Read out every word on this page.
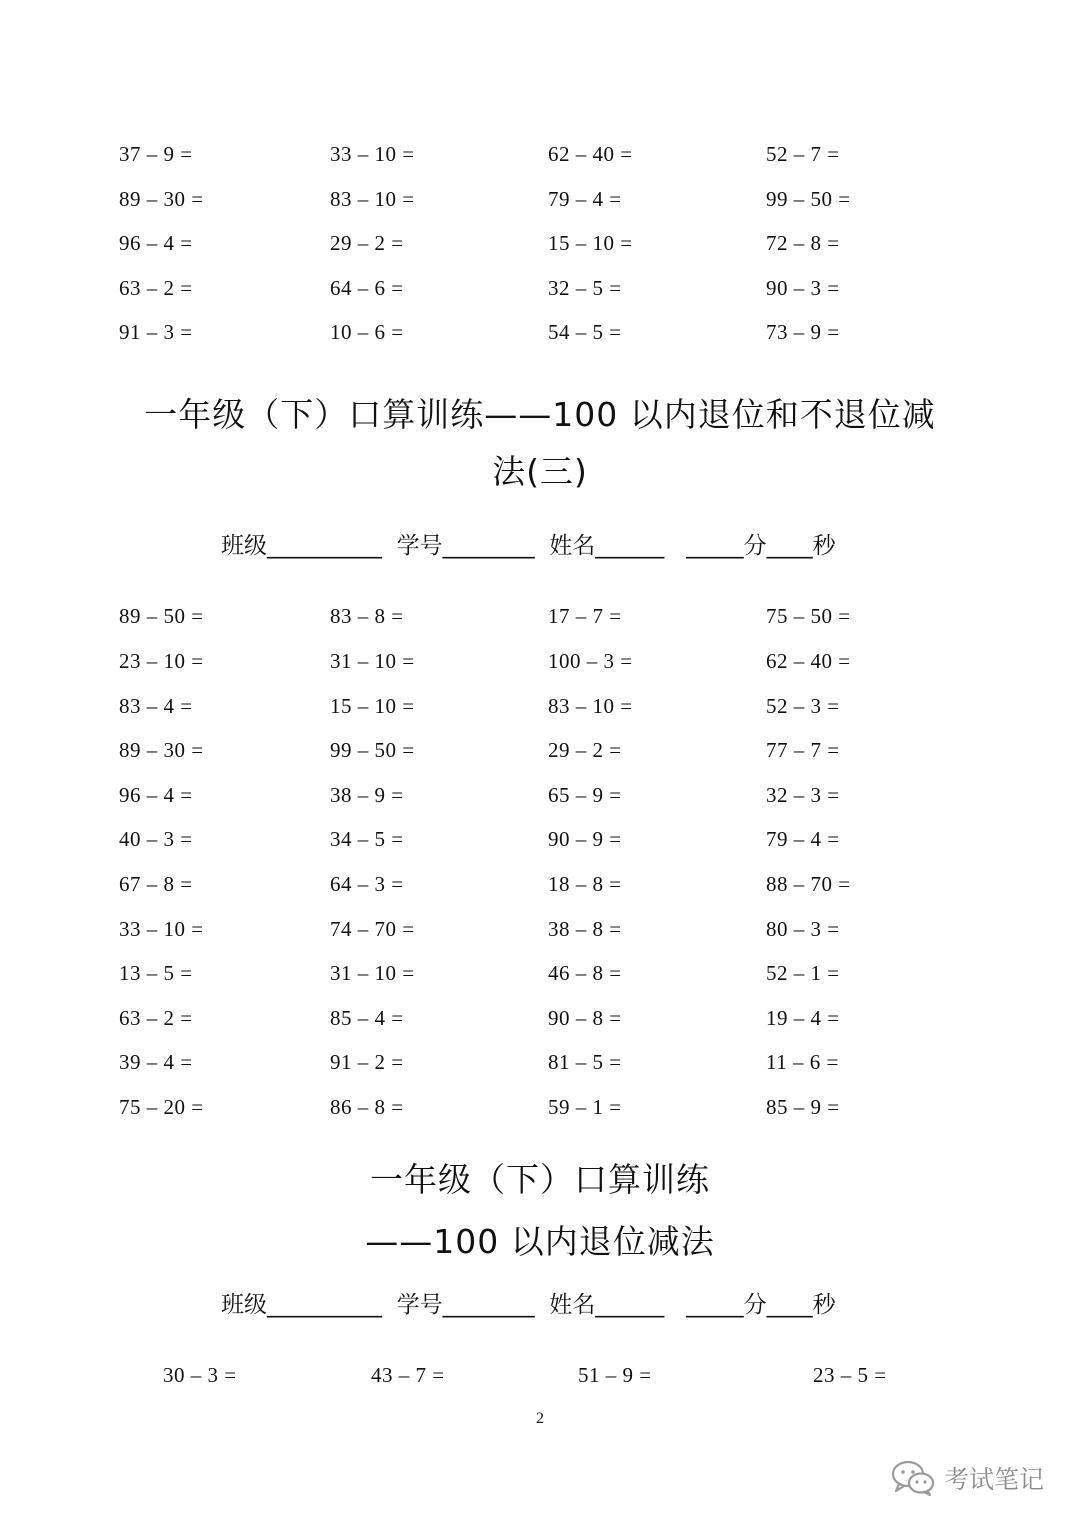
37 – 9 =	33 – 10 =	62 – 40 =	52 – 7 =
89 – 30 =	83 – 10 =	79 – 4 =	99 – 50 =
96 – 4 =	29 – 2 =	15 – 10 =	72 – 8 =
63 – 2 =	64 – 6 =	32 – 5 =	90 – 3 =
91 – 3 =	10 – 6 =	54 – 5 =	73 – 9 =
一年级（下）口算训练——100 以内退位和不退位减
法(三)
班级__________  学号________  姓名______   _____分____秒
89 – 50 =	83 – 8 =	17 – 7 =	75 – 50 =
23 – 10 =	31 – 10 =	100 – 3 =	62 – 40 =
83 – 4 =	15 – 10 =	83 – 10 =	52 – 3 =
89 – 30 =	99 – 50 =	29 – 2 =	77 – 7 =
96 – 4 =	38 – 9 =	65 – 9 =	32 – 3 =
40 – 3 =	34 – 5 =	90 – 9 =	79 – 4 =
67 – 8 =	64 – 3 =	18 – 8 =	88 – 70 =
33 – 10 =	74 – 70 =	38 – 8 =	80 – 3 =
13 – 5 =	31 – 10 =	46 – 8 =	52 – 1 =
63 – 2 =	85 – 4 =	90 – 8 =	19 – 4 =
39 – 4 =	91 – 2 =	81 – 5 =	11 – 6 =
75 – 20 =	86 – 8 =	59 – 1 =	85 – 9 =
一年级（下）口算训练
——100 以内退位减法
班级__________  学号________  姓名______   _____分____秒
30 – 3 =	43 – 7 =	51 – 9 =	23 – 5 =
2
考试笔记
